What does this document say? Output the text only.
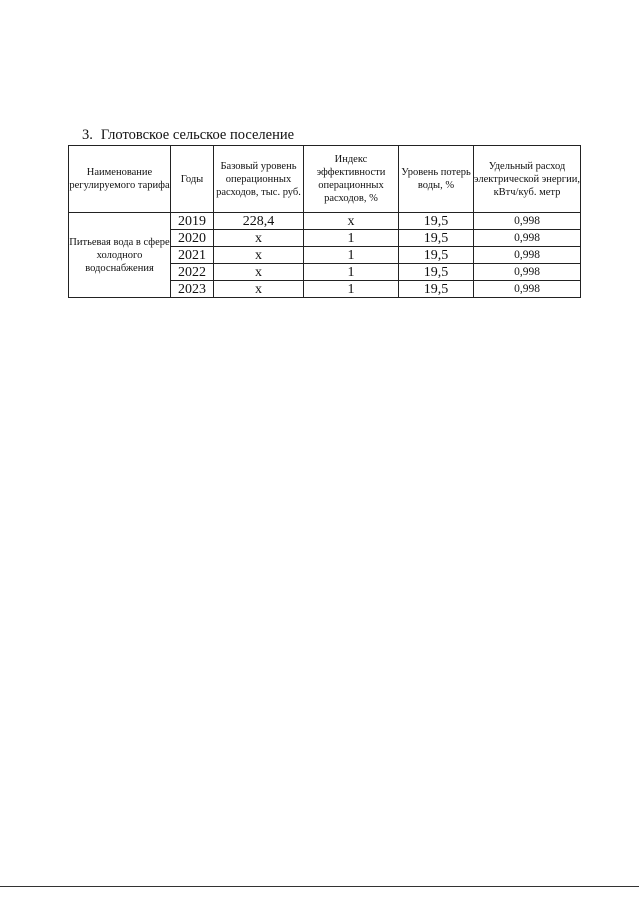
3. Глотовское сельское поселение
Наименование регулируемого тарифа	Годы	Базовый уровень операционных расходов, тыс. руб.	Индекс эффективности операционных расходов, %	Уровень потерь воды, %	Удельный расход электрической энергии, кВтч/куб. метр
Питьевая вода в сфере холодного водоснабжения	2019	228,4	x	19,5	0,998
	2020	x	1	19,5	0,998
	2021	x	1	19,5	0,998
	2022	x	1	19,5	0,998
	2023	x	1	19,5	0,998
